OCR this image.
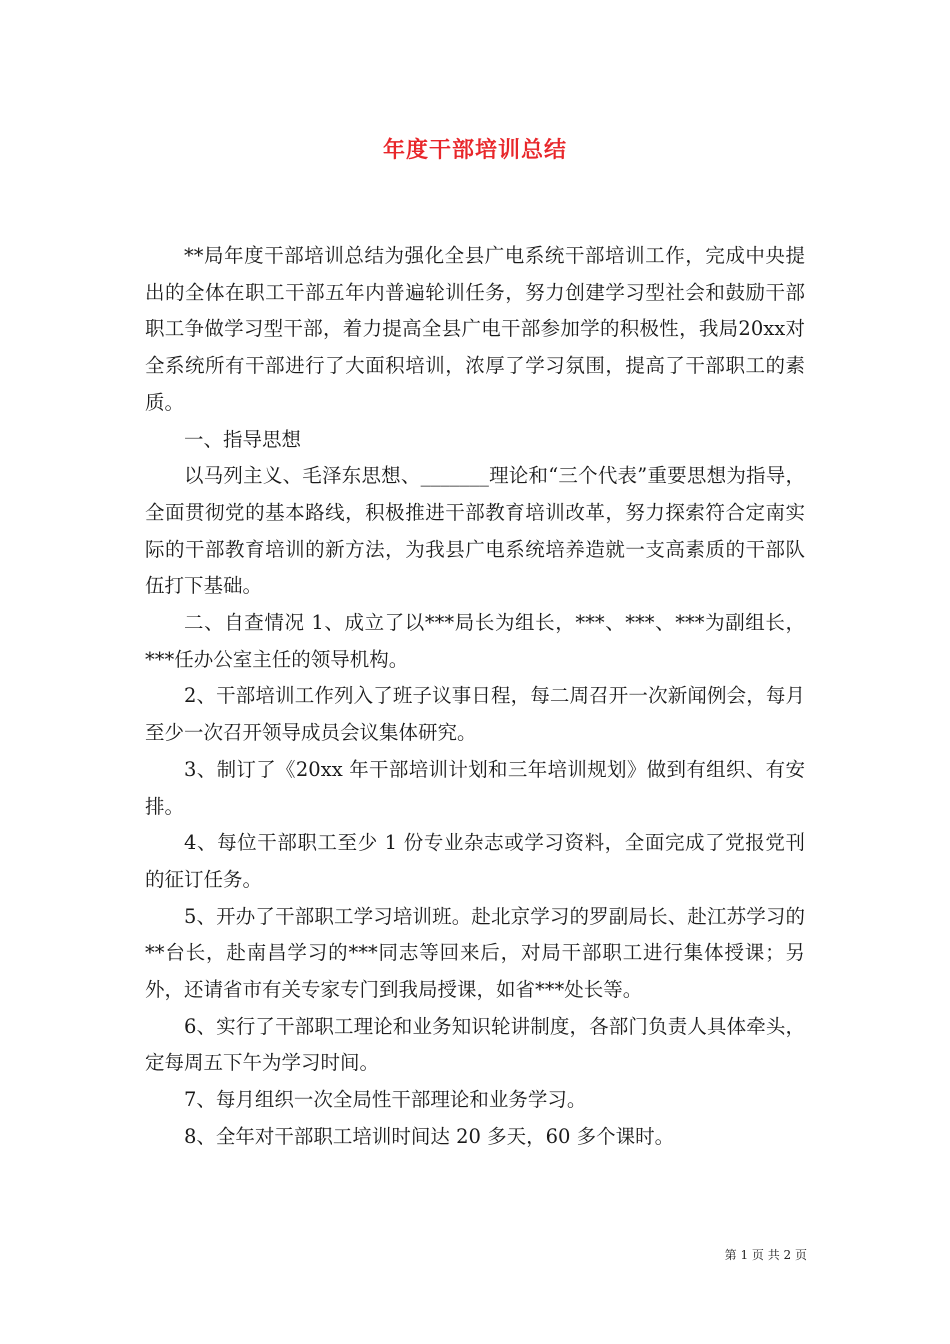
年度干部培训总结

**局年度干部培训总结为强化全县广电系统干部培训工作，完成中央提出的全体在职工干部五年内普遍轮训任务，努力创建学习型社会和鼓励干部职工争做学习型干部，着力提高全县广电干部参加学的积极性，我局20xx对全系统所有干部进行了大面积培训，浓厚了学习氛围，提高了干部职工的素质。

一、指导思想

以马列主义、毛泽东思想、_______理论和“三个代表”重要思想为指导，全面贯彻党的基本路线，积极推进干部教育培训改革，努力探索符合定南实际的干部教育培训的新方法，为我县广电系统培养造就一支高素质的干部队伍打下基础。

二、自查情况 1、成立了以***局长为组长，***、***、***为副组长，***任办公室主任的领导机构。

2、干部培训工作列入了班子议事日程，每二周召开一次新闻例会，每月至少一次召开领导成员会议集体研究。

3、制订了《20xx 年干部培训计划和三年培训规划》做到有组织、有安排。

4、每位干部职工至少 1 份专业杂志或学习资料，全面完成了党报党刊的征订任务。

5、开办了干部职工学习培训班。赴北京学习的罗副局长、赴江苏学习的**台长，赴南昌学习的***同志等回来后，对局干部职工进行集体授课；另外，还请省市有关专家专门到我局授课，如省***处长等。

6、实行了干部职工理论和业务知识轮讲制度，各部门负责人具体牵头，定每周五下午为学习时间。

7、每月组织一次全局性干部理论和业务学习。

8、全年对干部职工培训时间达 20 多天，60 多个课时。

第 1 页 共 2 页
